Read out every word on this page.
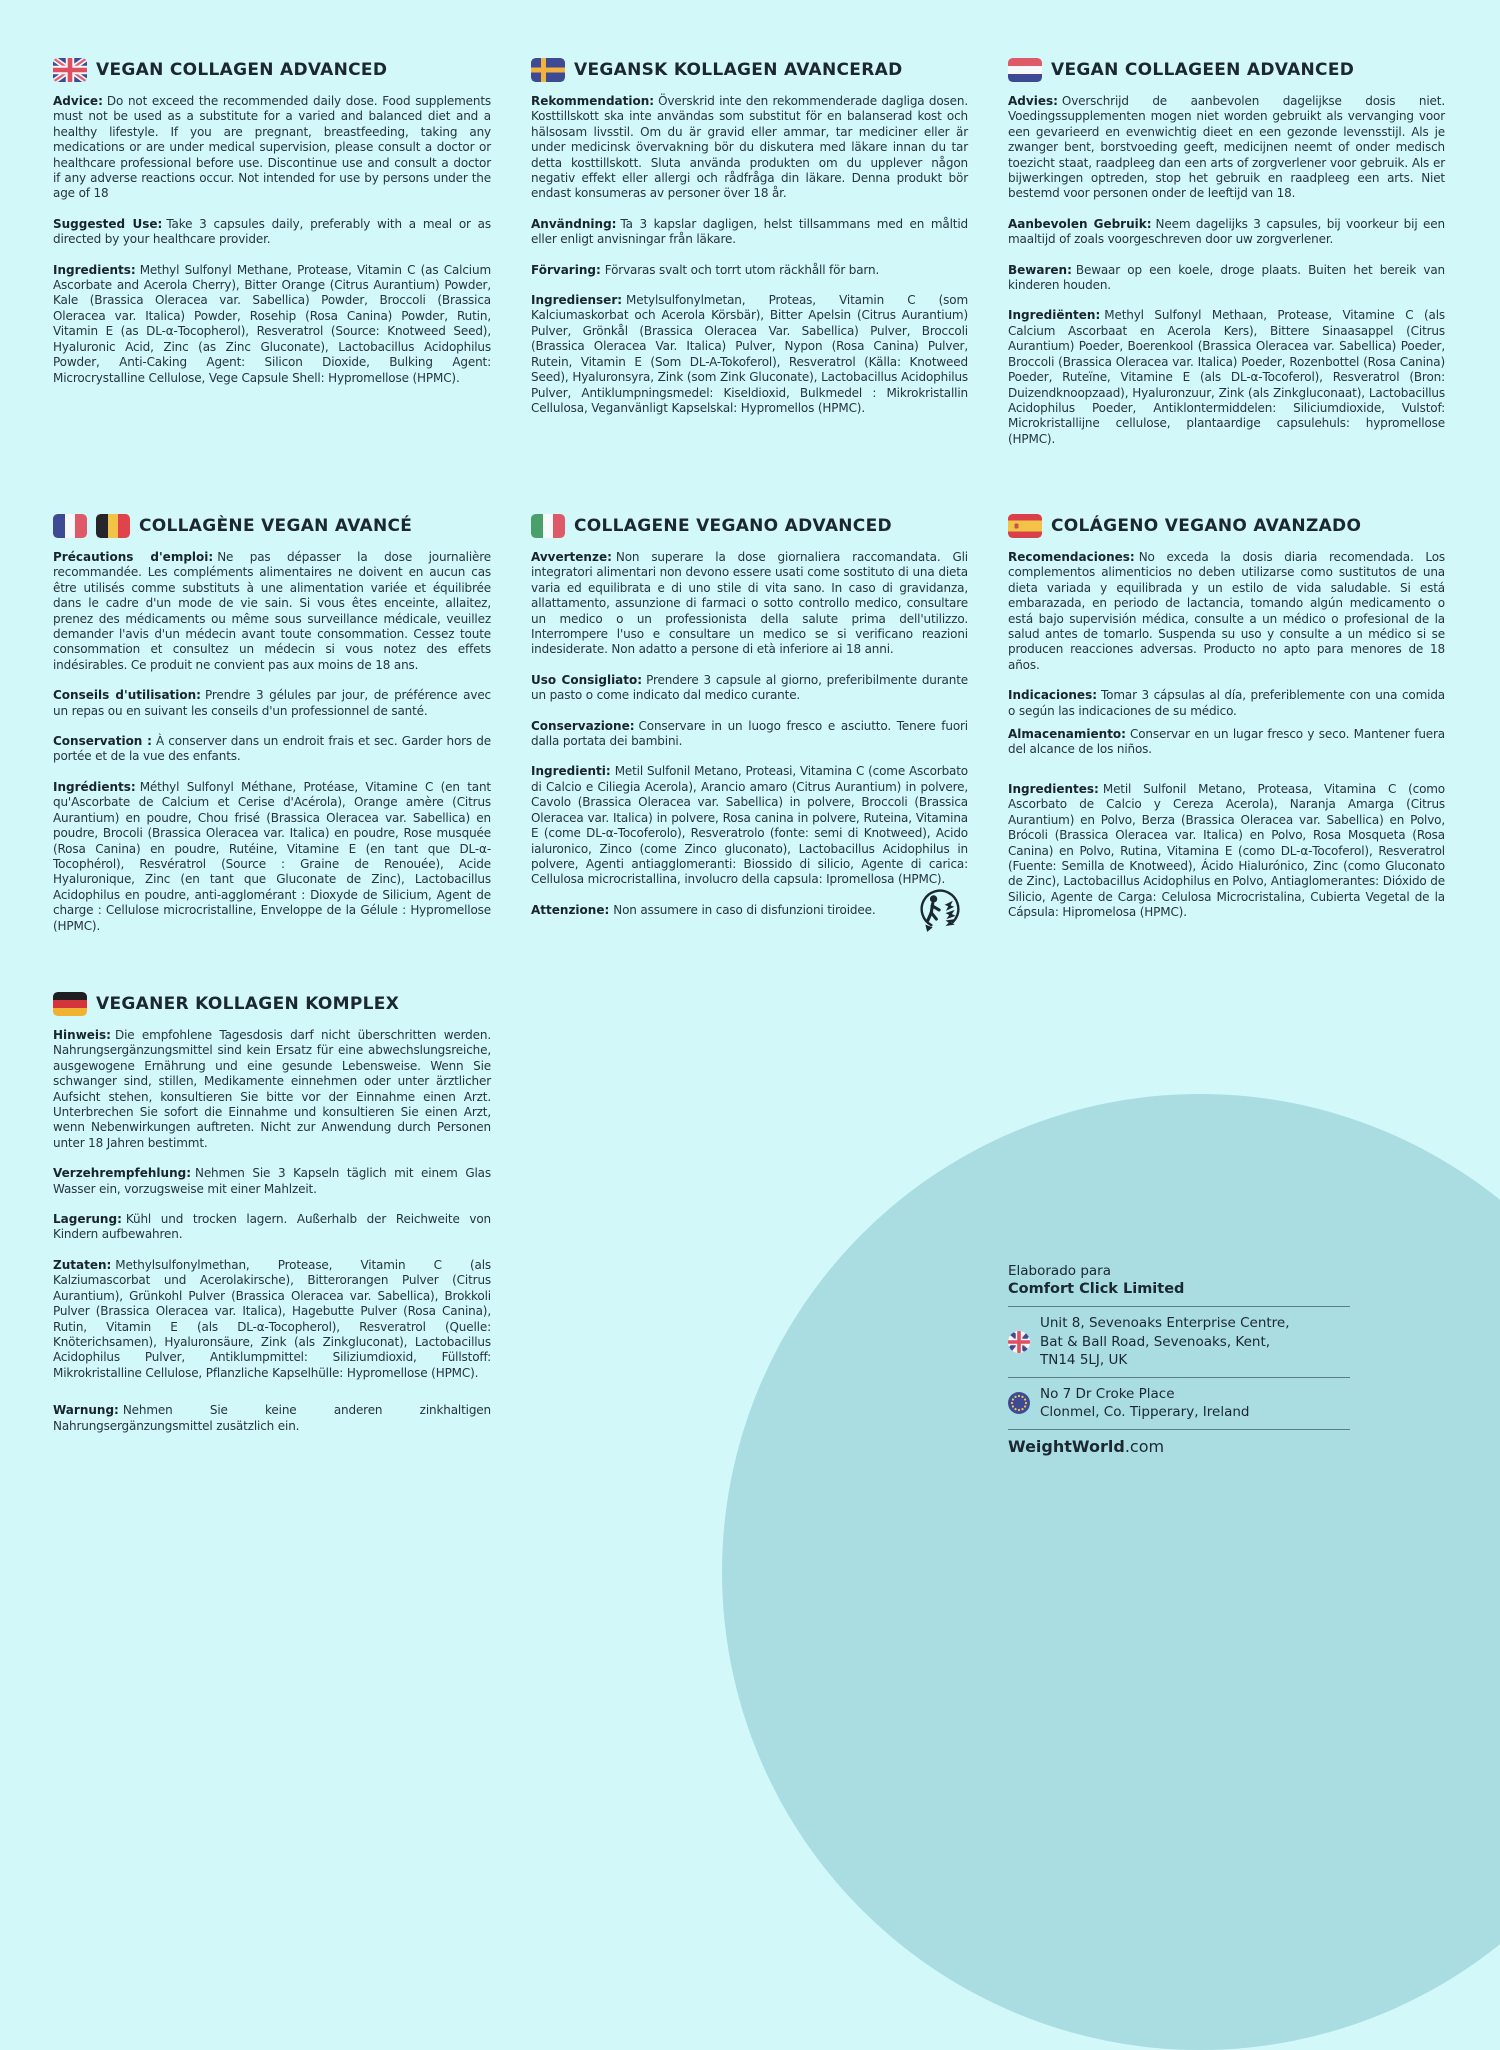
VEGAN COLLAGEN ADVANCED

Advice: Do not exceed the recommended daily dose. Food supplements must not be used as a substitute for a varied and balanced diet and a healthy lifestyle. If you are pregnant, breastfeeding, taking any medications or are under medical supervision, please consult a doctor or healthcare professional before use. Discontinue use and consult a doctor if any adverse reactions occur. Not intended for use by persons under the age of 18

Suggested Use: Take 3 capsules daily, preferably with a meal or as directed by your healthcare provider.

Ingredients: Methyl Sulfonyl Methane, Protease, Vitamin C (as Calcium Ascorbate and Acerola Cherry), Bitter Orange (Citrus Aurantium) Powder, Kale (Brassica Oleracea var. Sabellica) Powder, Broccoli (Brassica Oleracea var. Italica) Powder, Rosehip (Rosa Canina) Powder, Rutin, Vitamin E (as DL-α-Tocopherol), Resveratrol (Source: Knotweed Seed), Hyaluronic Acid, Zinc (as Zinc Gluconate), Lactobacillus Acidophilus Powder, Anti-Caking Agent: Silicon Dioxide, Bulking Agent: Microcrystalline Cellulose, Vege Capsule Shell: Hypromellose (HPMC).

VEGANSK KOLLAGEN AVANCERAD

Rekommendation: Överskrid inte den rekommenderade dagliga dosen. Kosttillskott ska inte användas som substitut för en balanserad kost och hälsosam livsstil. Om du är gravid eller ammar, tar mediciner eller är under medicinsk övervakning bör du diskutera med läkare innan du tar detta kosttillskott. Sluta använda produkten om du upplever någon negativ effekt eller allergi och rådfråga din läkare. Denna produkt bör endast konsumeras av personer över 18 år.

Användning: Ta 3 kapslar dagligen, helst tillsammans med en måltid eller enligt anvisningar från läkare.

Förvaring: Förvaras svalt och torrt utom räckhåll för barn.

Ingredienser: Metylsulfonylmetan, Proteas, Vitamin C (som Kalciumaskorbat och Acerola Körsbär), Bitter Apelsin (Citrus Aurantium) Pulver, Grönkål (Brassica Oleracea Var. Sabellica) Pulver, Broccoli (Brassica Oleracea Var. Italica) Pulver, Nypon (Rosa Canina) Pulver, Rutein, Vitamin E (Som DL-A-Tokoferol), Resveratrol (Källa: Knotweed Seed), Hyaluronsyra, Zink (som Zink Gluconate), Lactobacillus Acidophilus Pulver, Antiklumpningsmedel: Kiseldioxid, Bulkmedel : Mikrokristallin Cellulosa, Veganvänligt Kapselskal: Hypromellos (HPMC).

VEGAN COLLAGEEN ADVANCED

Advies: Overschrijd de aanbevolen dagelijkse dosis niet. Voedingssupplementen mogen niet worden gebruikt als vervanging voor een gevarieerd en evenwichtig dieet en een gezonde levensstijl. Als je zwanger bent, borstvoeding geeft, medicijnen neemt of onder medisch toezicht staat, raadpleeg dan een arts of zorgverlener voor gebruik. Als er bijwerkingen optreden, stop het gebruik en raadpleeg een arts. Niet bestemd voor personen onder de leeftijd van 18.

Aanbevolen Gebruik: Neem dagelijks 3 capsules, bij voorkeur bij een maaltijd of zoals voorgeschreven door uw zorgverlener.

Bewaren: Bewaar op een koele, droge plaats. Buiten het bereik van kinderen houden.

Ingrediënten: Methyl Sulfonyl Methaan, Protease, Vitamine C (als Calcium Ascorbaat en Acerola Kers), Bittere Sinaasappel (Citrus Aurantium) Poeder, Boerenkool (Brassica Oleracea var. Sabellica) Poeder, Broccoli (Brassica Oleracea var. Italica) Poeder, Rozenbottel (Rosa Canina) Poeder, Ruteïne, Vitamine E (als DL-α-Tocoferol), Resveratrol (Bron: Duizendknoopzaad), Hyaluronzuur, Zink (als Zinkgluconaat), Lactobacillus Acidophilus Poeder, Antiklontermiddelen: Siliciumdioxide, Vulstof: Microkristallijne cellulose, plantaardige capsulehuls: hypromellose (HPMC).

COLLAGÈNE VEGAN AVANCÉ

Précautions d'emploi: Ne pas dépasser la dose journalière recommandée. Les compléments alimentaires ne doivent en aucun cas être utilisés comme substituts à une alimentation variée et équilibrée dans le cadre d'un mode de vie sain. Si vous êtes enceinte, allaitez, prenez des médicaments ou même sous surveillance médicale, veuillez demander l'avis d'un médecin avant toute consommation. Cessez toute consommation et consultez un médecin si vous notez des effets indésirables. Ce produit ne convient pas aux moins de 18 ans.

Conseils d'utilisation: Prendre 3 gélules par jour, de préférence avec un repas ou en suivant les conseils d'un professionnel de santé.

Conservation : À conserver dans un endroit frais et sec. Garder hors de portée et de la vue des enfants.

Ingrédients: Méthyl Sulfonyl Méthane, Protéase, Vitamine C (en tant qu'Ascorbate de Calcium et Cerise d'Acérola), Orange amère (Citrus Aurantium) en poudre, Chou frisé (Brassica Oleracea var. Sabellica) en poudre, Brocoli (Brassica Oleracea var. Italica) en poudre, Rose musquée (Rosa Canina) en poudre, Rutéine, Vitamine E (en tant que DL-α-Tocophérol), Resvératrol (Source : Graine de Renouée), Acide Hyaluronique, Zinc (en tant que Gluconate de Zinc), Lactobacillus Acidophilus en poudre, anti-agglomérant : Dioxyde de Silicium, Agent de charge : Cellulose microcristalline, Enveloppe de la Gélule : Hypromellose (HPMC).

COLLAGENE VEGANO ADVANCED

Avvertenze: Non superare la dose giornaliera raccomandata. Gli integratori alimentari non devono essere usati come sostituto di una dieta varia ed equilibrata e di uno stile di vita sano. In caso di gravidanza, allattamento, assunzione di farmaci o sotto controllo medico, consultare un medico o un professionista della salute prima dell'utilizzo. Interrompere l'uso e consultare un medico se si verificano reazioni indesiderate. Non adatto a persone di età inferiore ai 18 anni.

Uso Consigliato: Prendere 3 capsule al giorno, preferibilmente durante un pasto o come indicato dal medico curante.

Conservazione: Conservare in un luogo fresco e asciutto. Tenere fuori dalla portata dei bambini.

Ingredienti: Metil Sulfonil Metano, Proteasi, Vitamina C (come Ascorbato di Calcio e Ciliegia Acerola), Arancio amaro (Citrus Aurantium) in polvere, Cavolo (Brassica Oleracea var. Sabellica) in polvere, Broccoli (Brassica Oleracea var. Italica) in polvere, Rosa canina in polvere, Ruteina, Vitamina E (come DL-α-Tocoferolo), Resveratrolo (fonte: semi di Knotweed), Acido ialuronico, Zinco (come Zinco gluconato), Lactobacillus Acidophilus in polvere, Agenti antiagglomeranti: Biossido di silicio, Agente di carica: Cellulosa microcristallina, involucro della capsula: Ipromellosa (HPMC).

Attenzione: Non assumere in caso di disfunzioni tiroidee.

COLÁGENO VEGANO AVANZADO

Recomendaciones: No exceda la dosis diaria recomendada. Los complementos alimenticios no deben utilizarse como sustitutos de una dieta variada y equilibrada y un estilo de vida saludable. Si está embarazada, en periodo de lactancia, tomando algún medicamento o está bajo supervisión médica, consulte a un médico o profesional de la salud antes de tomarlo. Suspenda su uso y consulte a un médico si se producen reacciones adversas. Producto no apto para menores de 18 años.

Indicaciones: Tomar 3 cápsulas al día, preferiblemente con una comida o según las indicaciones de su médico.

Almacenamiento: Conservar en un lugar fresco y seco. Mantener fuera del alcance de los niños.

Ingredientes: Metil Sulfonil Metano, Proteasa, Vitamina C (como Ascorbato de Calcio y Cereza Acerola), Naranja Amarga (Citrus Aurantium) en Polvo, Berza (Brassica Oleracea var. Sabellica) en Polvo, Brócoli (Brassica Oleracea var. Italica) en Polvo, Rosa Mosqueta (Rosa Canina) en Polvo, Rutina, Vitamina E (como DL-α-Tocoferol), Resveratrol (Fuente: Semilla de Knotweed), Ácido Hialurónico, Zinc (como Gluconato de Zinc), Lactobacillus Acidophilus en Polvo, Antiaglomerantes: Dióxido de Silicio, Agente de Carga: Celulosa Microcristalina, Cubierta Vegetal de la Cápsula: Hipromelosa (HPMC).

VEGANER KOLLAGEN KOMPLEX

Hinweis: Die empfohlene Tagesdosis darf nicht überschritten werden. Nahrungsergänzungsmittel sind kein Ersatz für eine abwechslungsreiche, ausgewogene Ernährung und eine gesunde Lebensweise. Wenn Sie schwanger sind, stillen, Medikamente einnehmen oder unter ärztlicher Aufsicht stehen, konsultieren Sie bitte vor der Einnahme einen Arzt. Unterbrechen Sie sofort die Einnahme und konsultieren Sie einen Arzt, wenn Nebenwirkungen auftreten. Nicht zur Anwendung durch Personen unter 18 Jahren bestimmt.

Verzehrempfehlung: Nehmen Sie 3 Kapseln täglich mit einem Glas Wasser ein, vorzugsweise mit einer Mahlzeit.

Lagerung: Kühl und trocken lagern. Außerhalb der Reichweite von Kindern aufbewahren.

Zutaten: Methylsulfonylmethan, Protease, Vitamin C (als Kalziumascorbat und Acerolakirsche), Bitterorangen Pulver (Citrus Aurantium), Grünkohl Pulver (Brassica Oleracea var. Sabellica), Brokkoli Pulver (Brassica Oleracea var. Italica), Hagebutte Pulver (Rosa Canina), Rutin, Vitamin E (als DL-α-Tocopherol), Resveratrol (Quelle: Knöterichsamen), Hyaluronsäure, Zink (als Zinkgluconat), Lactobacillus Acidophilus Pulver, Antiklumpmittel: Siliziumdioxid, Füllstoff: Mikrokristalline Cellulose, Pflanzliche Kapselhülle: Hypromellose (HPMC).

Warnung: Nehmen Sie keine anderen zinkhaltigen Nahrungsergänzungsmittel zusätzlich ein.

Elaborado para
Comfort Click Limited
Unit 8, Sevenoaks Enterprise Centre,
Bat & Ball Road, Sevenoaks, Kent,
TN14 5LJ, UK
No 7 Dr Croke Place
Clonmel, Co. Tipperary, Ireland
WeightWorld.com
